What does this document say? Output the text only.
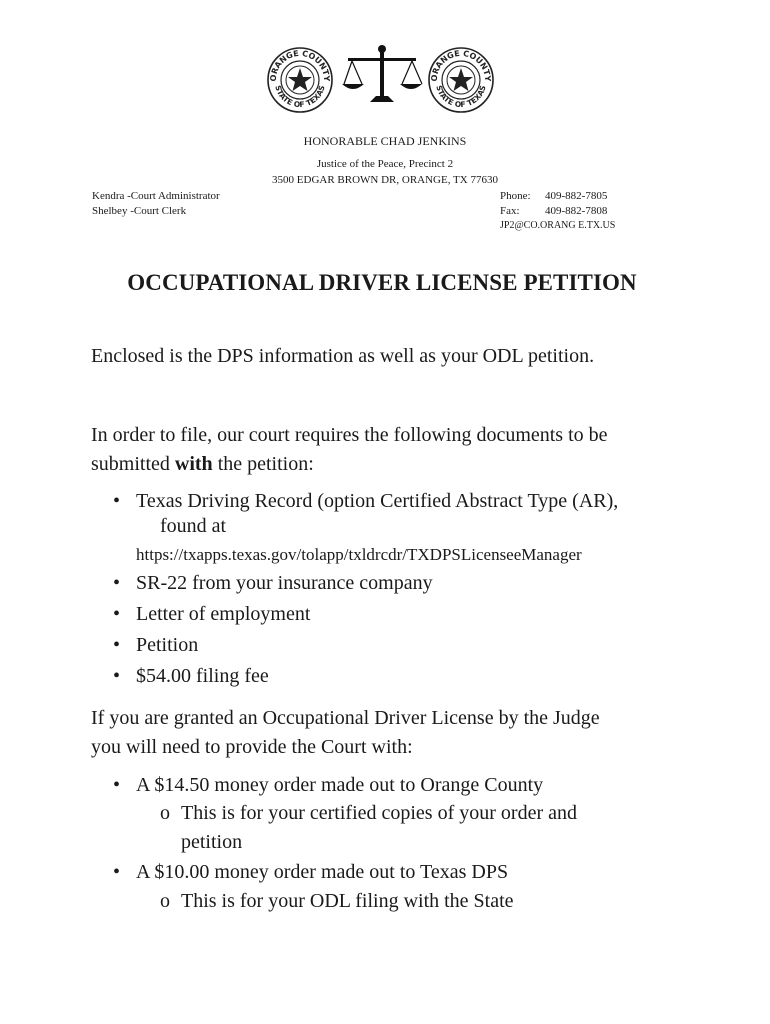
ORANGE COUNTY
STATE OF TEXAS
ORANGE COUNTY
STATE OF TEXAS
HONORABLE CHAD JENKINS
Justice of the Peace, Precinct 2
3500 EDGAR BROWN DR, ORANGE, TX 77630
Kendra -Court Administrator
Shelbey -Court Clerk
Phone: 409-882-7805
Fax: 409-882-7808
JP2@CO.ORANG E.TX.US
OCCUPATIONAL DRIVER LICENSE PETITION
Enclosed is the DPS information as well as your ODL petition.
In order to file, our court requires the following documents to be
submitted with the petition:
• Texas Driving Record (option Certified Abstract Type (AR),
found at
https://txapps.texas.gov/tolapp/txldrcdr/TXDPSLicenseeManager
• SR-22 from your insurance company
• Letter of employment
• Petition
• $54.00 filing fee
If you are granted an Occupational Driver License by the Judge
you will need to provide the Court with:
• A $14.50 money order made out to Orange County
o This is for your certified copies of your order and
petition
• A $10.00 money order made out to Texas DPS
o This is for your ODL filing with the State
